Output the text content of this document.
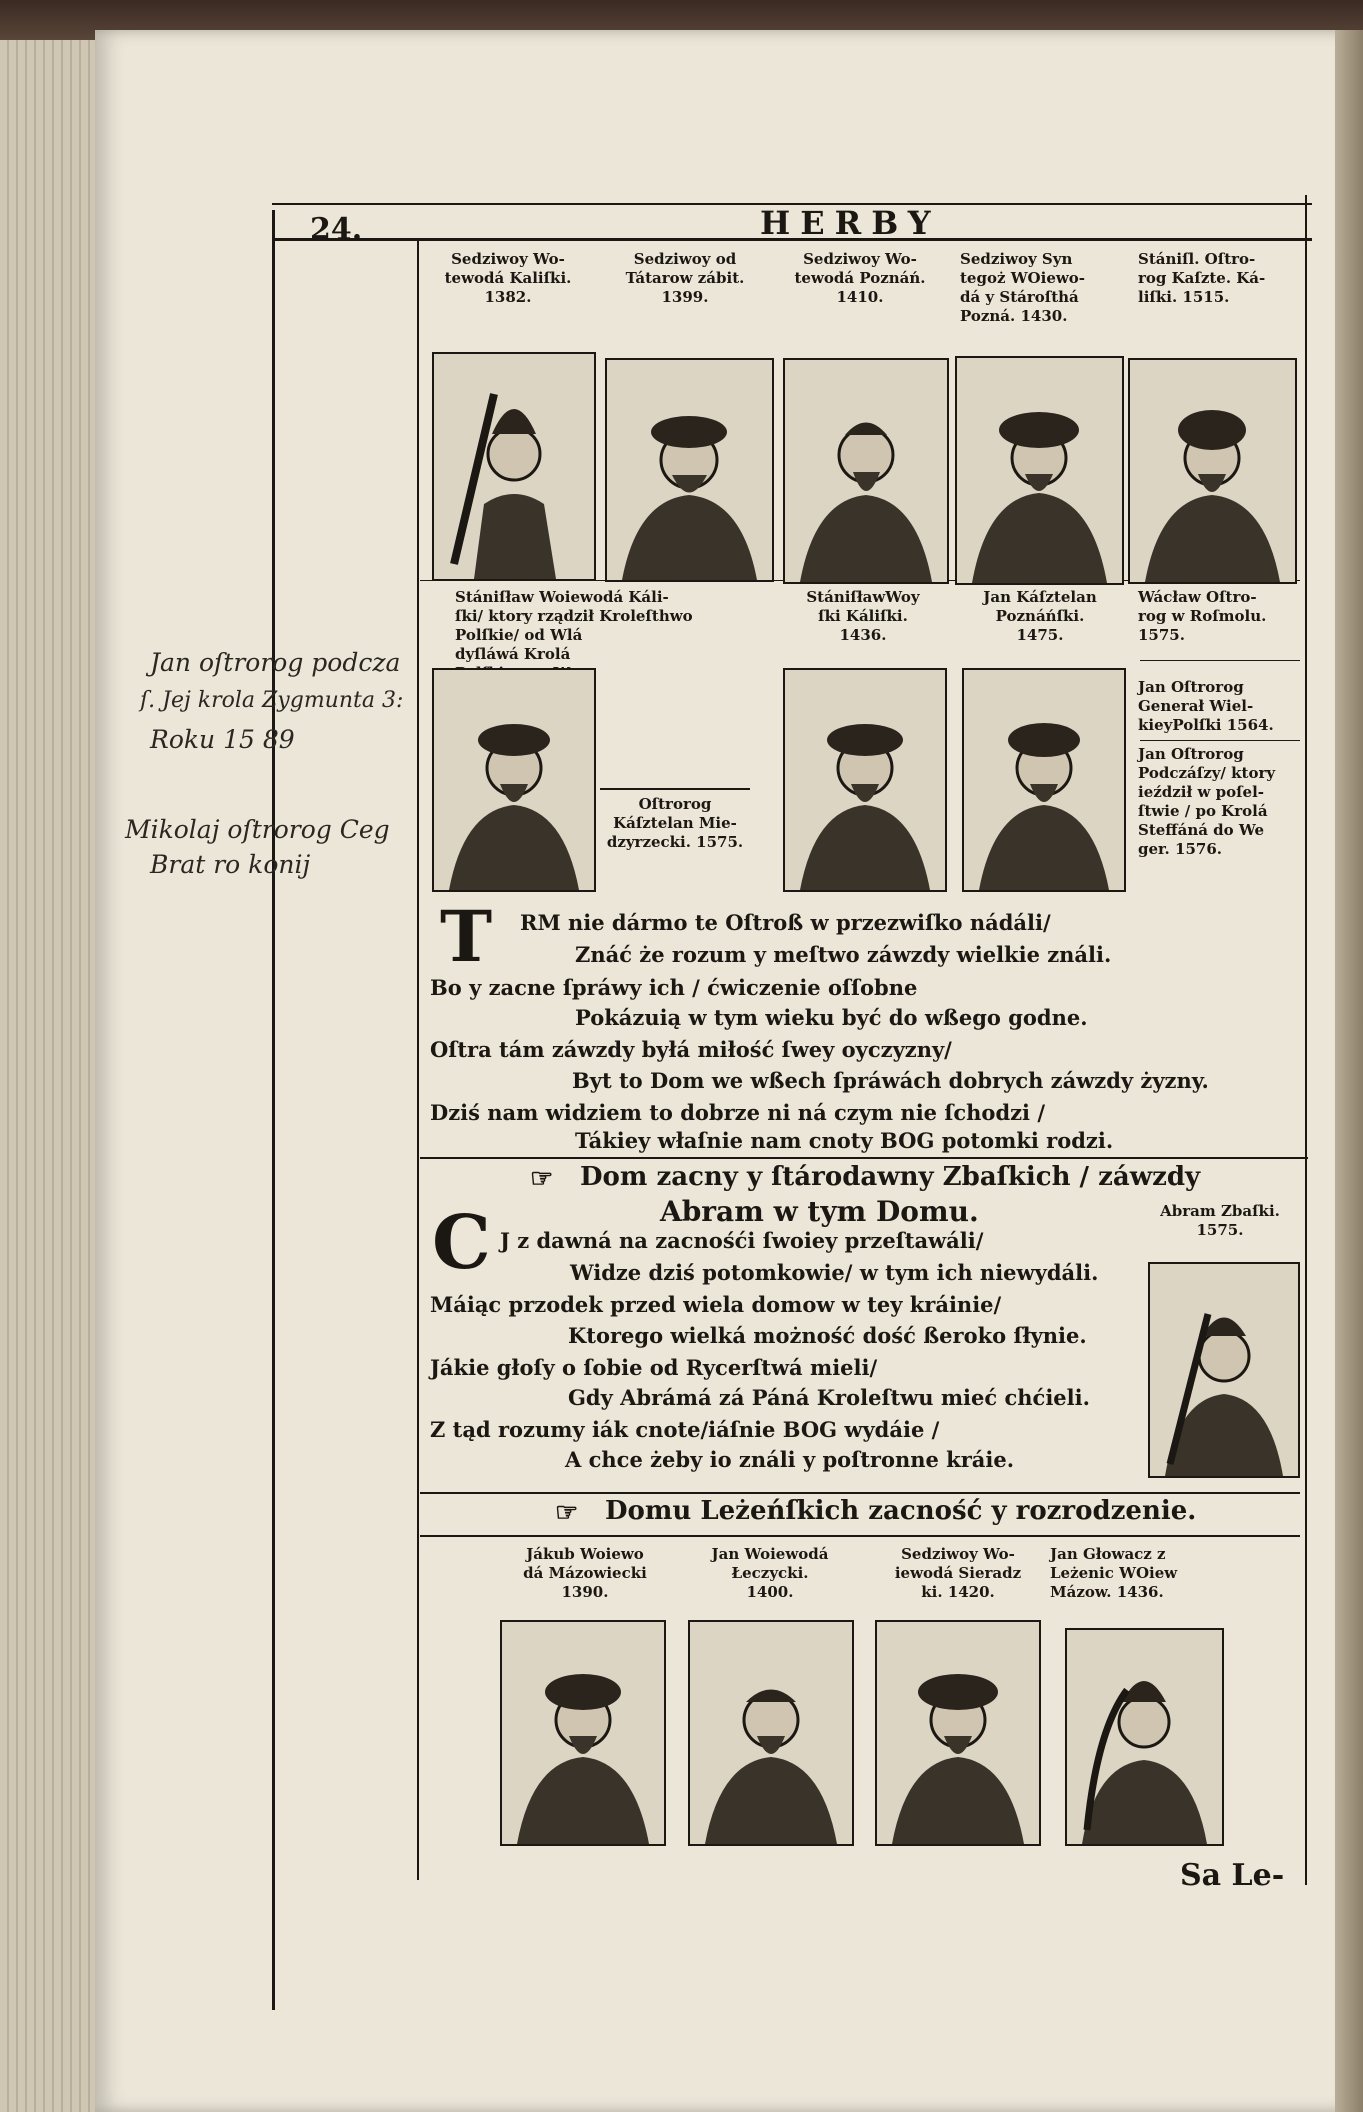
24.	HERBY
Sedziwoy Wo-
tewodá Kaliſki.
1382.
Sedziwoy od
Tátarow zábit.
1399.
Sedziwoy Wo-
tewodá Poznáń.
1410.
Sedziwoy Syn
tegoż WOiewo-
dá y Stároſthá
Pozná. 1430.
Stániſl. Oſtro-
rog Kaſzte. Ká-
liſki. 1515.
Stániſław Woiewodá Káli-
ſki/ ktory rządził Kroleſthwo
Polſkie/ od Wlá
dyſláwá Krolá

StániſławWoy
ſki Káliſki.
1436.
Jan Káſztelan
Poznáńſki.
1475.
Wácław Oſtro-
rog w Roſmolu.
1575.
Oſtrorog
Káſztelan Mie-
dzyrzecki. 1575.
Jan Oſtrorog
Generał Wiel-
kieyPolſki 1564.
Jan Oſtrorog
Podczáſzy/ ktory
ieździł w poſel-
ſtwie / po Krolá
Steffáná do We
ger. 1576.
Jan oſtrorog podcza
ſ. Jej krola Zygmunta 3:
Roku 15 89
Mikolaj oſtrorog Ceg
Brat ro konij
T RM nie dármo te Oſtroß w przezwiſko nádáli/
Znáć że rozum y meſtwo záwzdy wielkie ználi.
Bo y zacne ſpráwy ich / ćwiczenie oſſobne
Pokázuią w tym wieku być do wßego godne.
Oſtra tám záwzdy byłá miłość ſwey oyczyzny/
Byt to Dom we wßech ſpráwách dobrych záwzdy żyzny.
Dziś nam widziem to dobrze ni ná czym nie ſchodzi /
Tákiey właſnie nam cnoty BOG potomki rodzi.
☞ Dom zacny y ſtárodawny Zbaſkich / záwzdy
Abram w tym Domu.
C J z dawná na zacnośći ſwoiey przeſtawáli/
Widze dziś potomkowie/ w tym ich niewydáli.
Máiąc przodek przed wiela domow w tey kráinie/
Ktorego wielká możność dość ßeroko ſłynie.
Jákie głoſy o ſobie od Rycerſtwá mieli/
Gdy Abrámá zá Páná Kroleſtwu mieć chćieli.
Z tąd rozumy iák cnote/iáſnie BOG wydáie /
A chce żeby io ználi y poſtronne kráie.
Abram Zbaſki.
1575.
☞ Domu Leżeńſkich zacność y rozrodzenie.
Jákub Woiewo
dá Mázowiecki
1390.
Jan Woiewodá
Łeczycki.
1400.
Sedziwoy Wo-
iewodá Sieradz
ki. 1420.
Jan Głowacz z
Leżenic WOiew
Mázow. 1436.
Sa Le-
